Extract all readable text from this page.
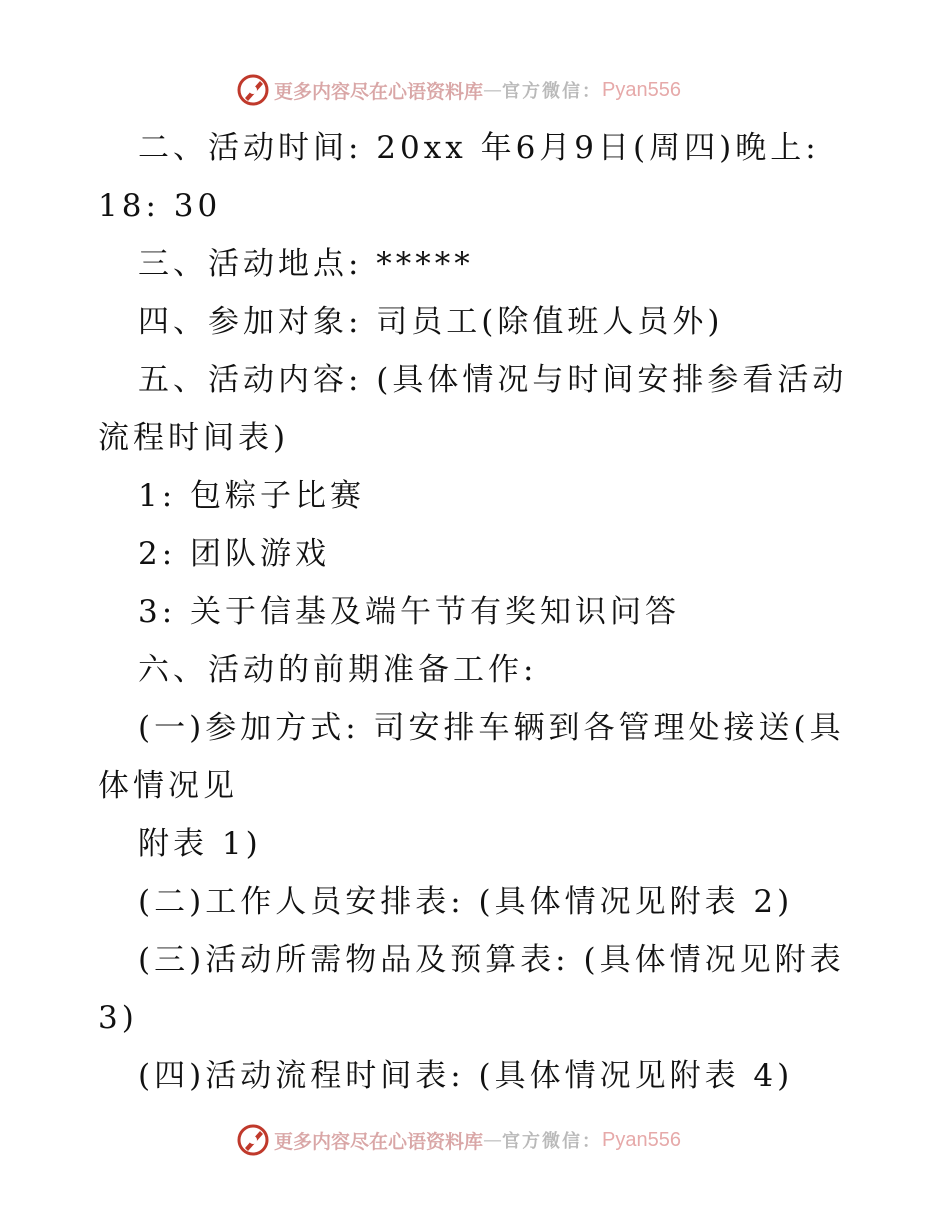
更多内容尽在心语资料库 — 官方微信： Pyan556
二、活动时间: 20xx 年6月9日(周四)晚上:
18: 30
三、活动地点: *****
四、参加对象: 司员工(除值班人员外)
五、活动内容: (具体情况与时间安排参看活动
流程时间表)
1: 包粽子比赛
2: 团队游戏
3: 关于信基及端午节有奖知识问答
六、活动的前期准备工作:
(一)参加方式: 司安排车辆到各管理处接送(具
体情况见
附表 1)
(二)工作人员安排表: (具体情况见附表 2)
(三)活动所需物品及预算表: (具体情况见附表
3)
(四)活动流程时间表: (具体情况见附表 4)
更多内容尽在心语资料库 — 官方微信： Pyan556
